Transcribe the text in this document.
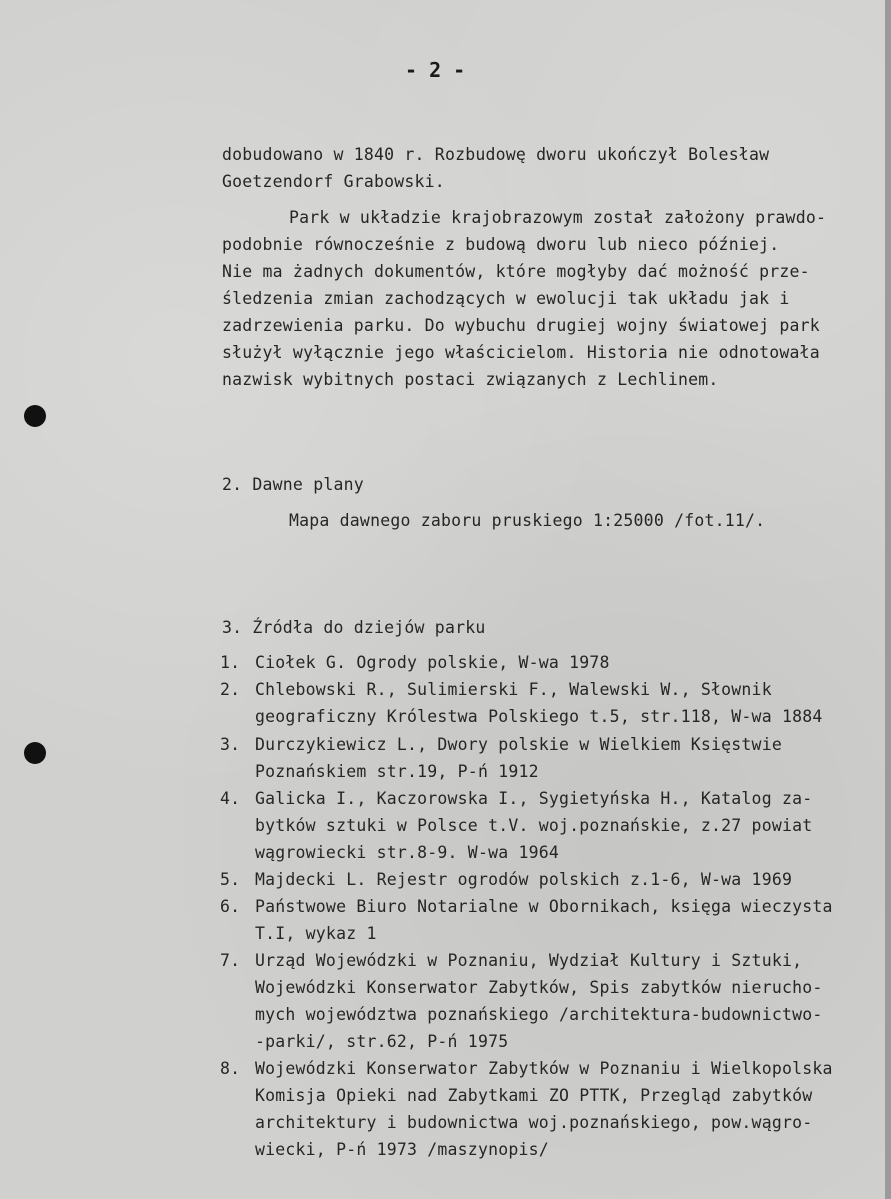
- 2 -
dobudowano w 1840 r. Rozbudowę dworu ukończył Bolesław
Goetzendorf Grabowski.
Park w układzie krajobrazowym został założony prawdo-
podobnie równocześnie z budową dworu lub nieco później.
Nie ma żadnych dokumentów, które mogłyby dać możność prze-
śledzenia zmian zachodzących w ewolucji tak układu jak i
zadrzewienia parku. Do wybuchu drugiej wojny światowej park
służył wyłącznie jego właścicielom. Historia nie odnotowała
nazwisk wybitnych postaci związanych z Lechlinem.
2. Dawne plany
Mapa dawnego zaboru pruskiego 1:25000 /fot.11/.
3. Źródła do dziejów parku
1. Ciołek G. Ogrody polskie, W-wa 1978
2. Chlebowski R., Sulimierski F., Walewski W., Słownik
geograficzny Królestwa Polskiego t.5, str.118, W-wa 1884
3. Durczykiewicz L., Dwory polskie w Wielkiem Księstwie
Poznańskiem str.19, P-ń 1912
4. Galicka I., Kaczorowska I., Sygietyńska H., Katalog za-
bytków sztuki w Polsce t.V. woj.poznańskie, z.27 powiat
wągrowiecki str.8-9. W-wa 1964
5. Majdecki L. Rejestr ogrodów polskich z.1-6, W-wa 1969
6. Państwowe Biuro Notarialne w Obornikach, księga wieczysta
T.I, wykaz 1
7. Urząd Wojewódzki w Poznaniu, Wydział Kultury i Sztuki,
Wojewódzki Konserwator Zabytków, Spis zabytków nierucho-
mych województwa poznańskiego /architektura-budownictwo-
-parki/, str.62, P-ń 1975
8. Wojewódzki Konserwator Zabytków w Poznaniu i Wielkopolska
Komisja Opieki nad Zabytkami ZO PTTK, Przegląd zabytków
architektury i budownictwa woj.poznańskiego, pow.wągro-
wiecki, P-ń 1973 /maszynopis/
